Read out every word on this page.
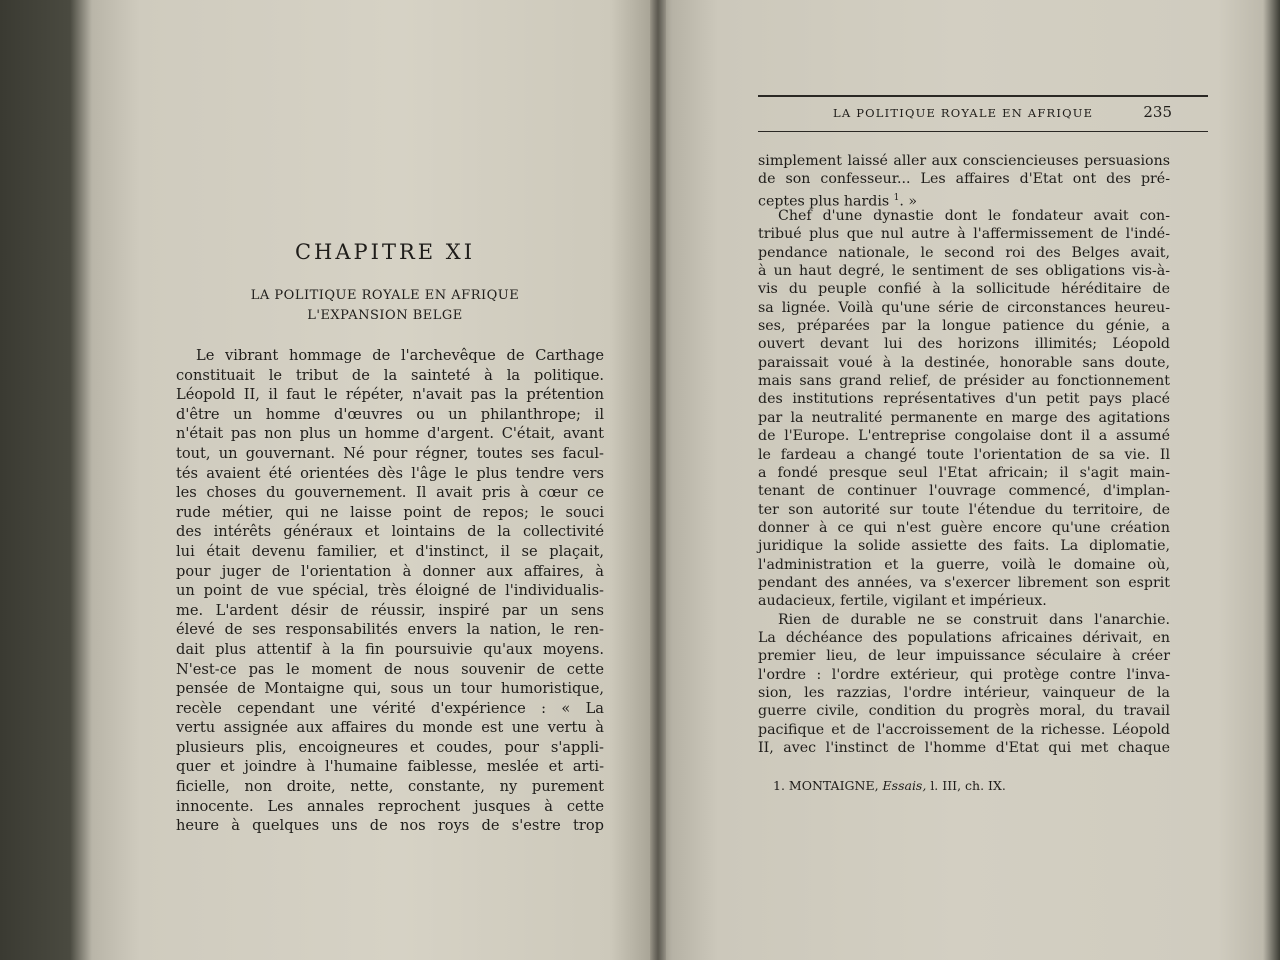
CHAPITRE XI
LA POLITIQUE ROYALE EN AFRIQUE
L'EXPANSION BELGE
Le vibrant hommage de l'archevêque de Carthage
constituait le tribut de la sainteté à la politique.
Léopold II, il faut le répéter, n'avait pas la prétention
d'être un homme d'œuvres ou un philanthrope; il
n'était pas non plus un homme d'argent. C'était, avant
tout, un gouvernant. Né pour régner, toutes ses facul-
tés avaient été orientées dès l'âge le plus tendre vers
les choses du gouvernement. Il avait pris à cœur ce
rude métier, qui ne laisse point de repos; le souci
des intérêts généraux et lointains de la collectivité
lui était devenu familier, et d'instinct, il se plaçait,
pour juger de l'orientation à donner aux affaires, à
un point de vue spécial, très éloigné de l'individualis-
me. L'ardent désir de réussir, inspiré par un sens
élevé de ses responsabilités envers la nation, le ren-
dait plus attentif à la fin poursuivie qu'aux moyens.
N'est-ce pas le moment de nous souvenir de cette
pensée de Montaigne qui, sous un tour humoristique,
recèle cependant une vérité d'expérience : « La
vertu assignée aux affaires du monde est une vertu à
plusieurs plis, encoigneures et coudes, pour s'appli-
quer et joindre à l'humaine faiblesse, meslée et arti-
ficielle, non droite, nette, constante, ny purement
innocente. Les annales reprochent jusques à cette
heure à quelques uns de nos roys de s'estre trop
LA POLITIQUE ROYALE EN AFRIQUE	235
simplement laissé aller aux consciencieuses persuasions
de son confesseur... Les affaires d'Etat ont des pré-
ceptes plus hardis $^1$. »
Chef d'une dynastie dont le fondateur avait con-
tribué plus que nul autre à l'affermissement de l'indé-
pendance nationale, le second roi des Belges avait,
à un haut degré, le sentiment de ses obligations vis-à-
vis du peuple confié à la sollicitude héréditaire de
sa lignée. Voilà qu'une série de circonstances heureu-
ses, préparées par la longue patience du génie, a
ouvert devant lui des horizons illimités; Léopold
paraissait voué à la destinée, honorable sans doute,
mais sans grand relief, de présider au fonctionnement
des institutions représentatives d'un petit pays placé
par la neutralité permanente en marge des agitations
de l'Europe. L'entreprise congolaise dont il a assumé
le fardeau a changé toute l'orientation de sa vie. Il
a fondé presque seul l'Etat africain; il s'agit main-
tenant de continuer l'ouvrage commencé, d'implan-
ter son autorité sur toute l'étendue du territoire, de
donner à ce qui n'est guère encore qu'une création
juridique la solide assiette des faits. La diplomatie,
l'administration et la guerre, voilà le domaine où,
pendant des années, va s'exercer librement son esprit
audacieux, fertile, vigilant et impérieux.
Rien de durable ne se construit dans l'anarchie.
La déchéance des populations africaines dérivait, en
premier lieu, de leur impuissance séculaire à créer
l'ordre : l'ordre extérieur, qui protège contre l'inva-
sion, les razzias, l'ordre intérieur, vainqueur de la
guerre civile, condition du progrès moral, du travail
pacifique et de l'accroissement de la richesse. Léopold
II, avec l'instinct de l'homme d'Etat qui met chaque
1. MONTAIGNE, Essais, l. III, ch. IX.
